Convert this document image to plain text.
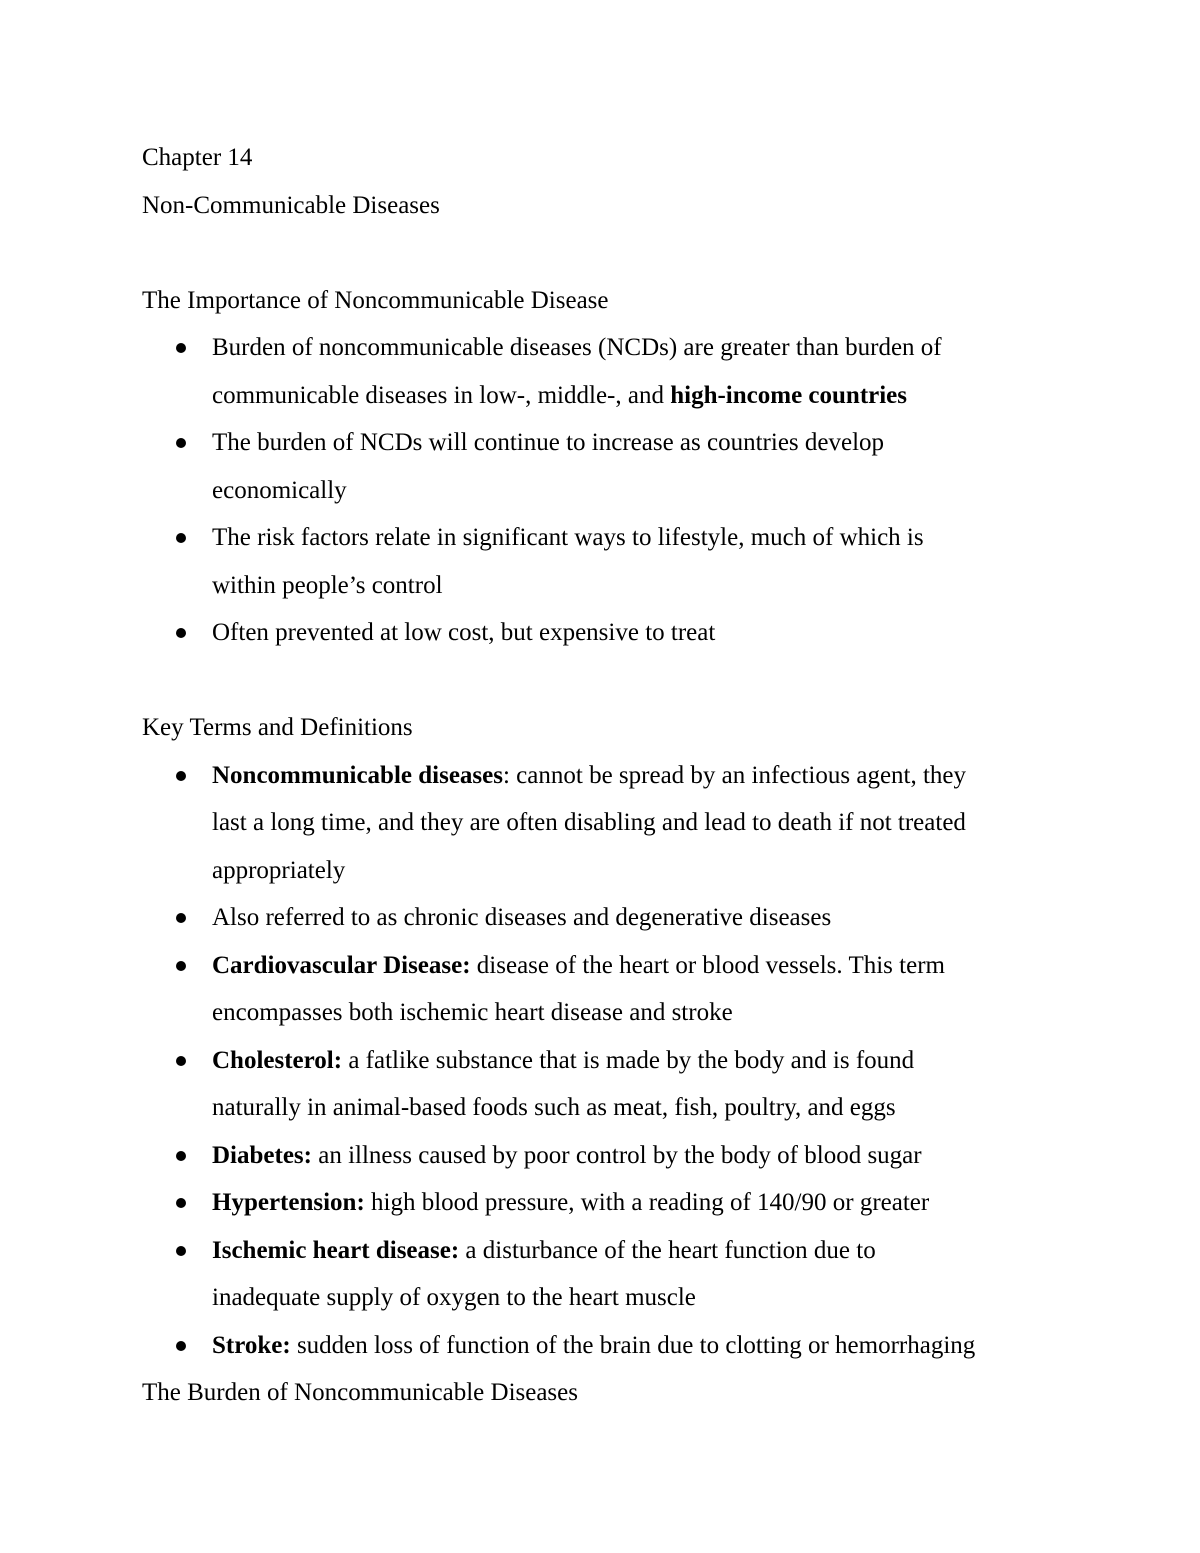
Chapter 14
Non-Communicable Diseases
The Importance of Noncommunicable Disease
Burden of noncommunicable diseases (NCDs) are greater than burden of
communicable diseases in low-, middle-, and high-income countries
The burden of NCDs will continue to increase as countries develop
economically
The risk factors relate in significant ways to lifestyle, much of which is
within people’s control
Often prevented at low cost, but expensive to treat
Key Terms and Definitions
Noncommunicable diseases: cannot be spread by an infectious agent, they
last a long time, and they are often disabling and lead to death if not treated
appropriately
Also referred to as chronic diseases and degenerative diseases
Cardiovascular Disease: disease of the heart or blood vessels. This term
encompasses both ischemic heart disease and stroke
Cholesterol: a fatlike substance that is made by the body and is found
naturally in animal-based foods such as meat, fish, poultry, and eggs
Diabetes: an illness caused by poor control by the body of blood sugar
Hypertension: high blood pressure, with a reading of 140/90 or greater
Ischemic heart disease: a disturbance of the heart function due to
inadequate supply of oxygen to the heart muscle
Stroke: sudden loss of function of the brain due to clotting or hemorrhaging
The Burden of Noncommunicable Diseases
